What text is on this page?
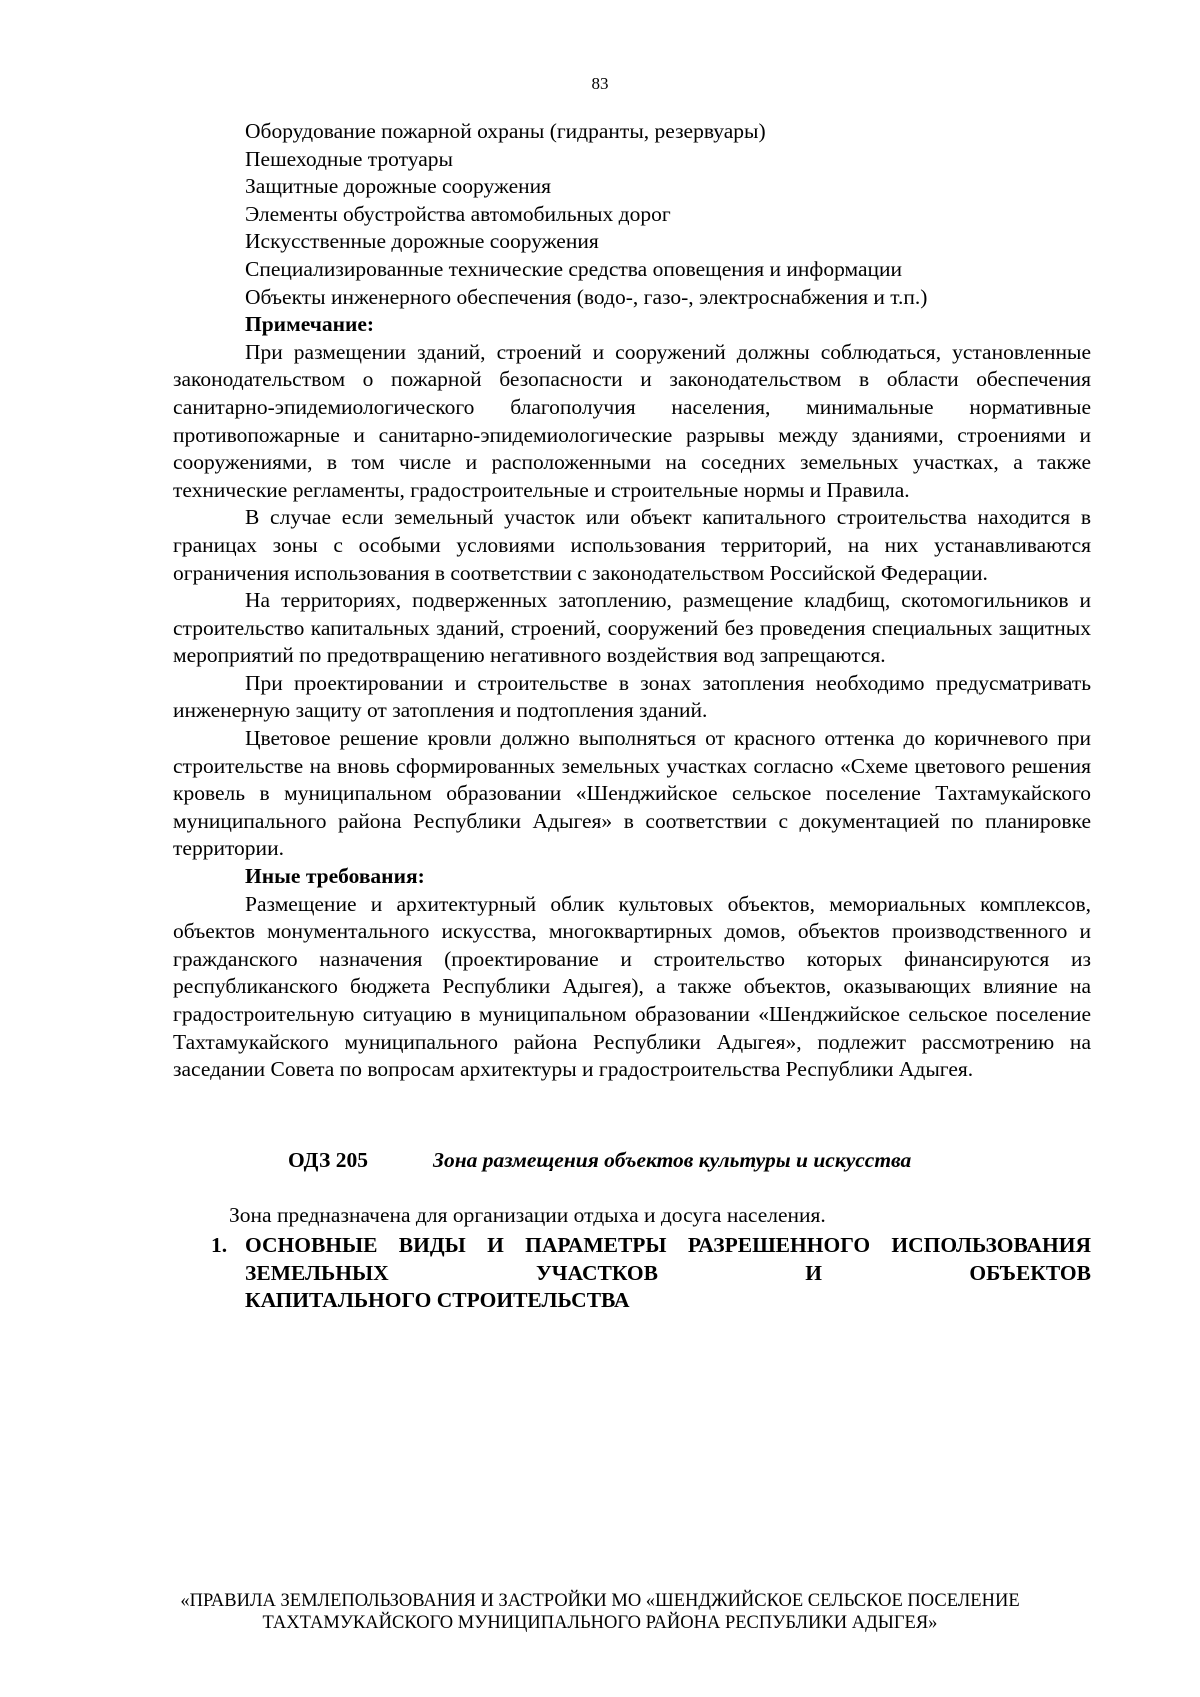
83
Оборудование пожарной охраны (гидранты, резервуары)
Пешеходные тротуары
Защитные дорожные сооружения
Элементы обустройства автомобильных дорог
Искусственные дорожные сооружения
Специализированные технические средства оповещения и информации
Объекты инженерного обеспечения (водо-, газо-, электроснабжения и т.п.)
Примечание:

При размещении зданий, строений и сооружений должны соблюдаться, установленные законодательством о пожарной безопасности и законодательством в области обеспечения санитарно-эпидемиологического благополучия населения, минимальные нормативные противопожарные и санитарно-эпидемиологические разрывы между зданиями, строениями и сооружениями, в том числе и расположенными на соседних земельных участках, а также технические регламенты, градостроительные и строительные нормы и Правила.

В случае если земельный участок или объект капитального строительства находится в границах зоны с особыми условиями использования территорий, на них устанавливаются ограничения использования в соответствии с законодательством Российской Федерации.

На территориях, подверженных затоплению, размещение кладбищ, скотомогильников и строительство капитальных зданий, строений, сооружений без проведения специальных защитных мероприятий по предотвращению негативного воздействия вод запрещаются.

При проектировании и строительстве в зонах затопления необходимо предусматривать инженерную защиту от затопления и подтопления зданий.

Цветовое решение кровли должно выполняться от красного оттенка до коричневого при строительстве на вновь сформированных земельных участках согласно «Схеме цветового решения кровель в муниципальном образовании «Шенджийское сельское поселение Тахтамукайского муниципального района Республики Адыгея» в соответствии с документацией по планировке территории.

Иные требования:

Размещение и архитектурный облик культовых объектов, мемориальных комплексов, объектов монументального искусства, многоквартирных домов, объектов производственного и гражданского назначения (проектирование и строительство которых финансируются из республиканского бюджета Республики Адыгея), а также объектов, оказывающих влияние на градостроительную ситуацию в муниципальном образовании «Шенджийское сельское поселение Тахтамукайского муниципального района Республики Адыгея», подлежит рассмотрению на заседании Совета по вопросам архитектуры и градостроительства Республики Адыгея.

ОДЗ 205	Зона размещения объектов культуры и искусства
Зона предназначена для организации отдыха и досуга населения.
1. ОСНОВНЫЕ ВИДЫ И ПАРАМЕТРЫ РАЗРЕШЕННОГО ИСПОЛЬЗОВАНИЯ ЗЕМЕЛЬНЫХ УЧАСТКОВ И ОБЪЕКТОВ
КАПИТАЛЬНОГО СТРОИТЕЛЬСТВА
«ПРАВИЛА ЗЕМЛЕПОЛЬЗОВАНИЯ И ЗАСТРОЙКИ МО «ШЕНДЖИЙСКОЕ СЕЛЬСКОЕ ПОСЕЛЕНИЕ
ТАХТАМУКАЙСКОГО МУНИЦИПАЛЬНОГО РАЙОНА РЕСПУБЛИКИ АДЫГЕЯ»
